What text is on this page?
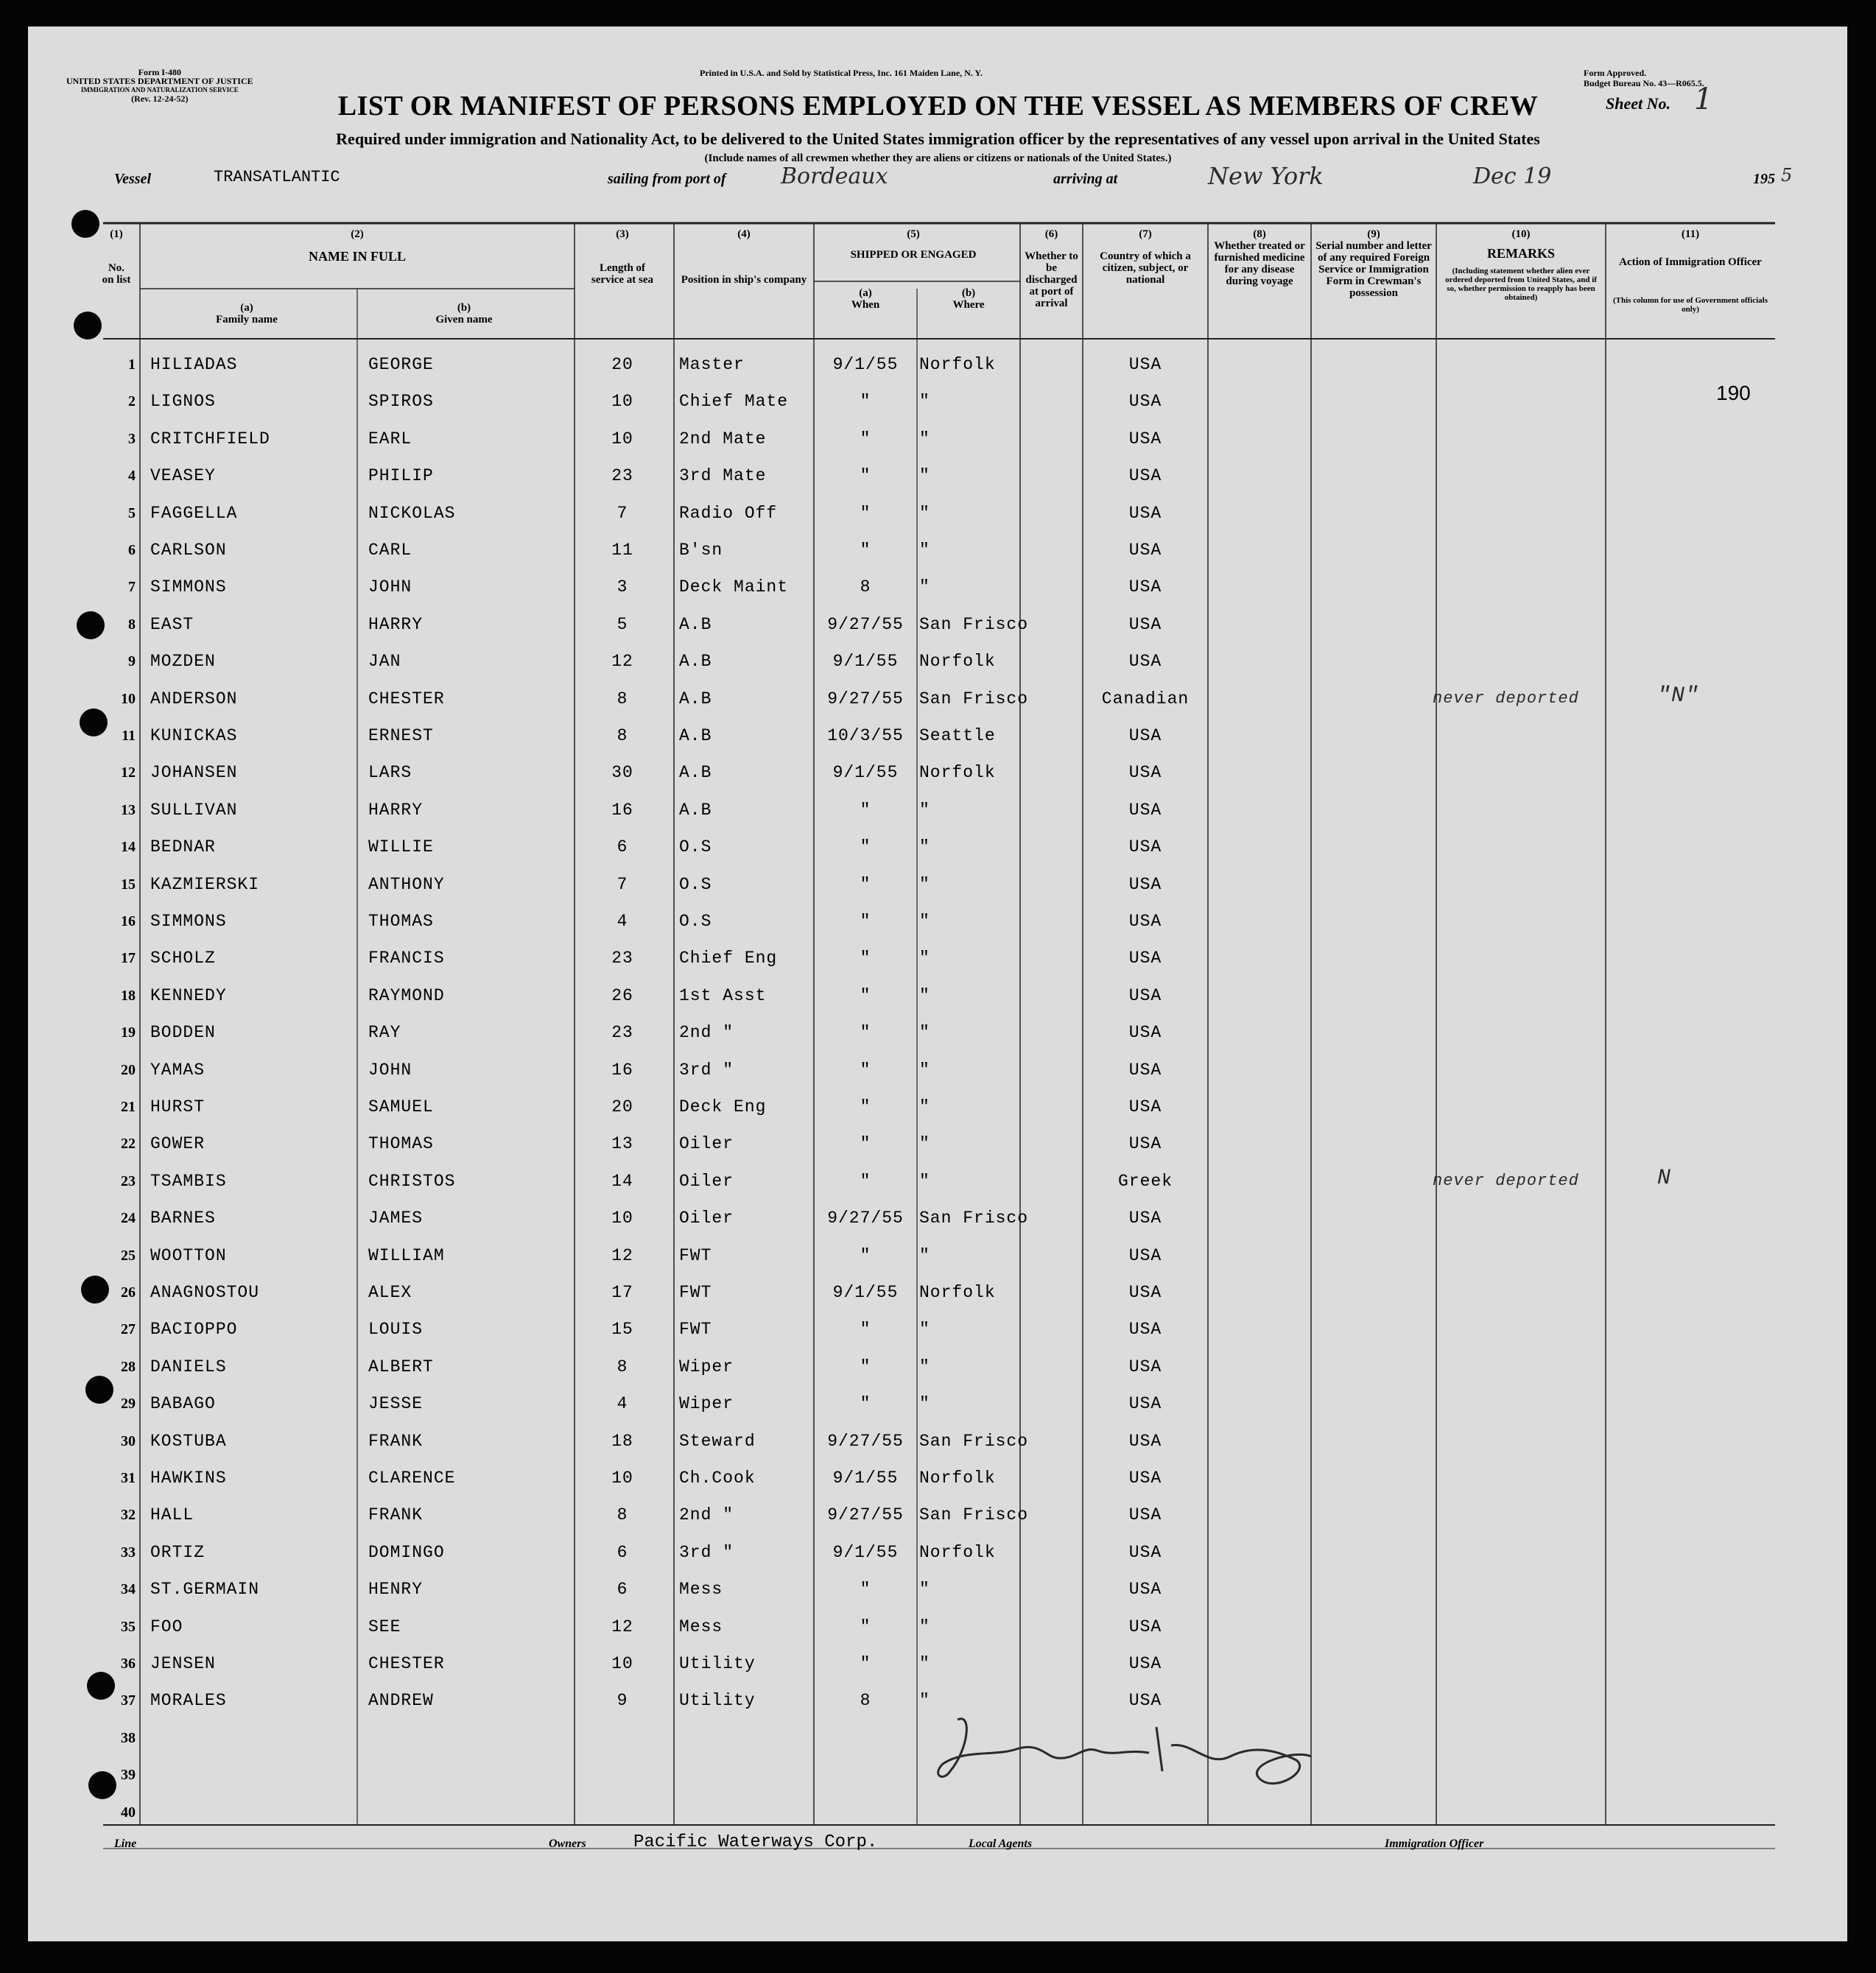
Form I-480
UNITED STATES DEPARTMENT OF JUSTICE
IMMIGRATION AND NATURALIZATION SERVICE
(Rev. 12-24-52)
Printed in U.S.A. and Sold by Statistical Press, Inc. 161 Maiden Lane, N. Y.	Form Approved.
Budget Bureau No. 43—R065.5.
LIST OR MANIFEST OF PERSONS EMPLOYED ON THE VESSEL AS MEMBERS OF CREW	Sheet No. 1
Required under immigration and Nationality Act, to be delivered to the United States immigration officer by the representatives of any vessel upon arrival in the United States
(Include names of all crewmen whether they are aliens or citizens or nationals of the United States.)
Vessel	TRANSATLANTIC	sailing from port of Bordeaux	arriving at	New York	Dec 19	195 5
(1)
No. on list
(2)
NAME IN FULL
(a)
Family name
(b)
Given name
(3)
Length of service at sea
(4)
Position in ship's company
(5)
SHIPPED OR ENGAGED
(a)
When
(b)
Where
(6)
Whether to be discharged at port of arrival
(7)
Country of which a citizen, subject, or national
(8)
Whether treated or furnished medicine for any disease during voyage
(9)
Serial number and letter of any required Foreign Service or Immigration Form in Crewman's possession
(10)
REMARKS
(Including statement whether alien ever ordered deported from United States, and if so, whether permission to reapply has been obtained)
(11)
Action of Immigration Officer
(This column for use of Government officials only)
1 HILIADAS	GEORGE	20	Master	9/1/55	Norfolk	USA
2 LIGNOS	SPIROS	10	Chief Mate	"	"	USA
3 CRITCHFIELD	EARL	10	2nd Mate	"	"	USA
4 VEASEY	PHILIP	23	3rd Mate	"	"	USA
5 FAGGELLA	NICKOLAS	7	Radio Off	"	"	USA
6 CARLSON	CARL	11	B'sn	"	"	USA
7 SIMMONS	JOHN	3	Deck Maint	8	"	USA
8 EAST	HARRY	5	A.B	9/27/55 San Frisco	USA
9 MOZDEN	JAN	12	A.B	9/1/55	Norfolk	USA
10 ANDERSON	CHESTER	8	A.B	9/27/55 San Frisco	Canadian	never deported	"N"
11 KUNICKAS	ERNEST	8	A.B	10/3/55 Seattle	USA
12 JOHANSEN	LARS	30	A.B	9/1/55	Norfolk	USA
13 SULLIVAN	HARRY	16	A.B	"	"	USA
14 BEDNAR	WILLIE	6	O.S	"	"	USA
15 KAZMIERSKI	ANTHONY	7	O.S	"	"	USA
16 SIMMONS	THOMAS	4	O.S	"	"	USA
17 SCHOLZ	FRANCIS	23	Chief Eng	"	"	USA
18 KENNEDY	RAYMOND	26	1st Asst	"	"	USA
19 BODDEN	RAY	23	2nd "	"	"	USA
20 YAMAS	JOHN	16	3rd "	"	"	USA
21 HURST	SAMUEL	20	Deck Eng	"	"	USA
22 GOWER	THOMAS	13	Oiler	"	"	USA
23 TSAMBIS	CHRISTOS	14	Oiler	"	"	Greek	never deported	N
24 BARNES	JAMES	10	Oiler	9/27/55 San Frisco	USA
25 WOOTTON	WILLIAM	12	FWT	"	"	USA
26 ANAGNOSTOU	ALEX	17	FWT	9/1/55	Norfolk	USA
27 BACIOPPO	LOUIS	15	FWT	"	"	USA
28 DANIELS	ALBERT	8	Wiper	"	"	USA
29 BABAGO	JESSE	4	Wiper	"	"	USA
30 KOSTUBA	FRANK	18	Steward	9/27/55 San Frisco	USA
31 HAWKINS	CLARENCE	10	Ch.Cook	9/1/55	Norfolk	USA
32 HALL	FRANK	8	2nd "	9/27/55 San Frisco	USA
33 ORTIZ	DOMINGO	6	3rd "	9/1/55	Norfolk	USA
34 ST.GERMAIN	HENRY	6	Mess	"	"	USA
35 FOO	SEE	12	Mess	"	"	USA
36 JENSEN	CHESTER	10	Utility	"	"	USA
37 MORALES	ANDREW	9	Utility	8	"	USA
38
39
40
190
Line	Owners	Pacific Waterways Corp.	Local Agents	Immigration Officer
